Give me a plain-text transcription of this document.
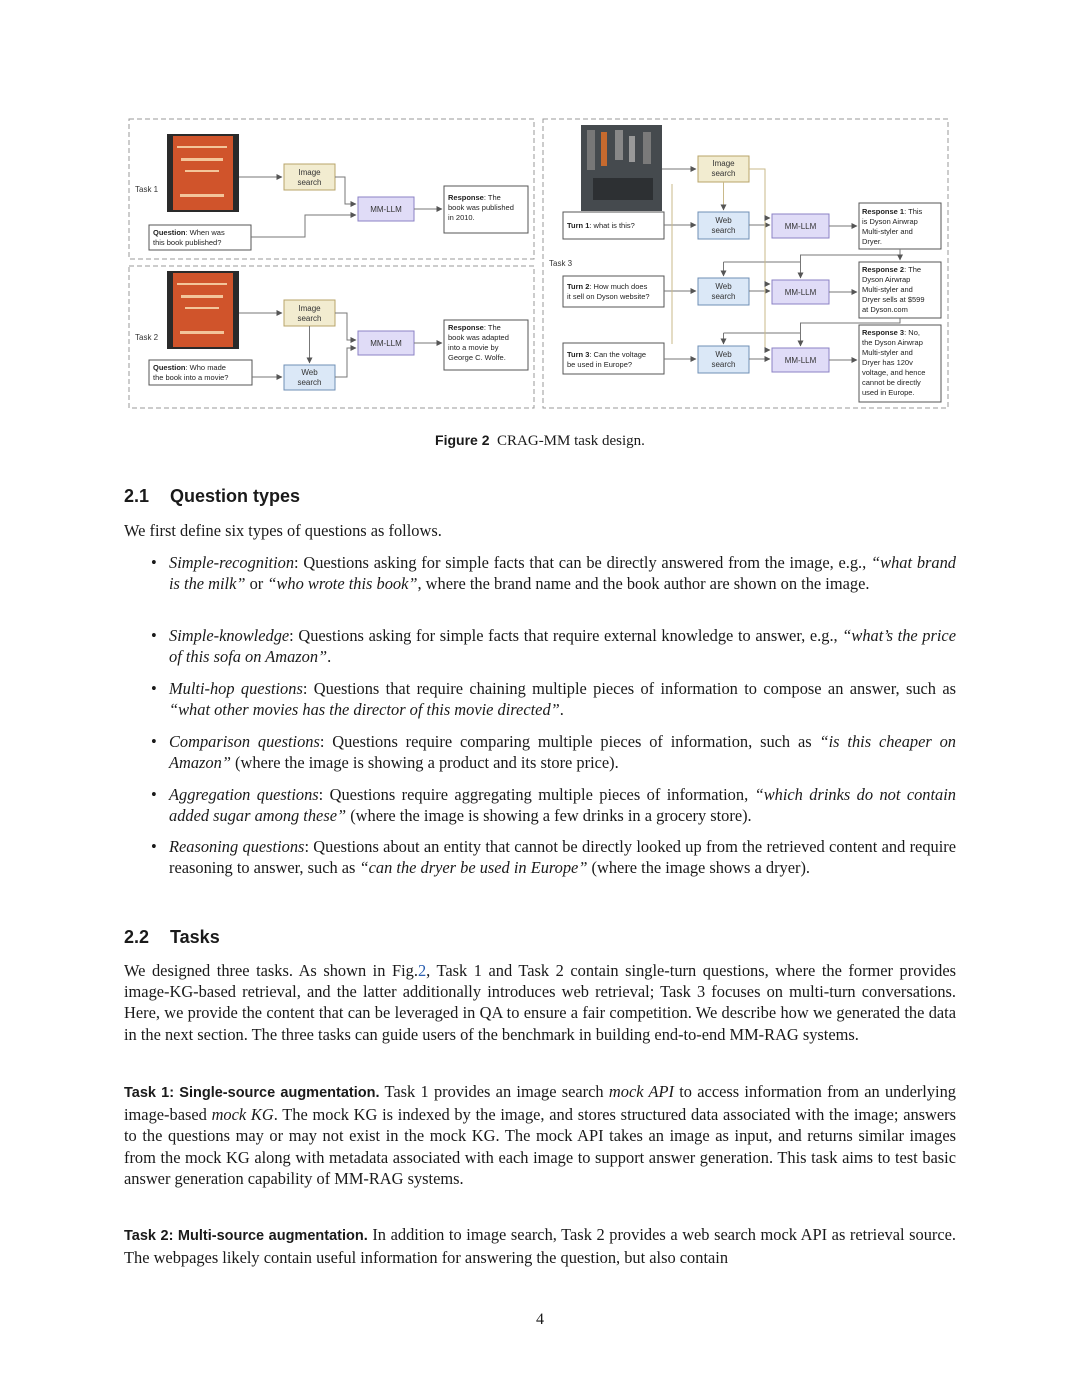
Task 1
Image
search
MM-LLM
Question: When was
this book published?
Response: The
book was published
in 2010.
Task 2
Image
search
Web
search
MM-LLM
Question: Who made
the book into a movie?
Response: The
book was adapted
into a movie by
George C. Wolfe.
Task 3
Image
search
Turn 1: what is this?
Turn 2: How much does
it sell on Dyson website?
Turn 3: Can the voltage
be used in Europe?
Web
search
Web
search
Web
search
MM-LLM
MM-LLM
MM-LLM
Response 1: This
is Dyson Airwrap
Multi-styler and
Dryer.
Response 2: The
Dyson Airwrap
Multi-styler and
Dryer sells at $599
at Dyson.com
Response 3: No,
the Dyson Airwrap
Multi-styler and
Dryer has 120v
voltage, and hence
cannot be directly
used in Europe.
Figure 2 CRAG-MM task design.
2.1 Question types

We first define six types of questions as follows.

• Simple-recognition: Questions asking for simple facts that can be directly answered from the image, e.g., “what brand is the milk” or “who wrote this book”, where the brand name and the book author are shown on the image.
• Simple-knowledge: Questions asking for simple facts that require external knowledge to answer, e.g., “what’s the price of this sofa on Amazon”.
• Multi-hop questions: Questions that require chaining multiple pieces of information to compose an answer, such as “what other movies has the director of this movie directed”.
• Comparison questions: Questions require comparing multiple pieces of information, such as “is this cheaper on Amazon” (where the image is showing a product and its store price).
• Aggregation questions: Questions require aggregating multiple pieces of information, “which drinks do not contain added sugar among these” (where the image is showing a few drinks in a grocery store).
• Reasoning questions: Questions about an entity that cannot be directly looked up from the retrieved content and require reasoning to answer, such as “can the dryer be used in Europe” (where the image shows a dryer).
2.2 Tasks

We designed three tasks. As shown in Fig.2, Task 1 and Task 2 contain single-turn questions, where the former provides image-KG-based retrieval, and the latter additionally introduces web retrieval; Task 3 focuses on multi-turn conversations. Here, we provide the content that can be leveraged in QA to ensure a fair competition. We describe how we generated the data in the next section. The three tasks can guide users of the benchmark in building end-to-end MM-RAG systems.

Task 1: Single-source augmentation. Task 1 provides an image search mock API to access information from an underlying image-based mock KG. The mock KG is indexed by the image, and stores structured data associated with the image; answers to the questions may or may not exist in the mock KG. The mock API takes an image as input, and returns similar images from the mock KG along with metadata associated with each image to support answer generation. This task aims to test basic answer generation capability of MM-RAG systems.

Task 2: Multi-source augmentation. In addition to image search, Task 2 provides a web search mock API as retrieval source. The webpages likely contain useful information for answering the question, but also contain

4
